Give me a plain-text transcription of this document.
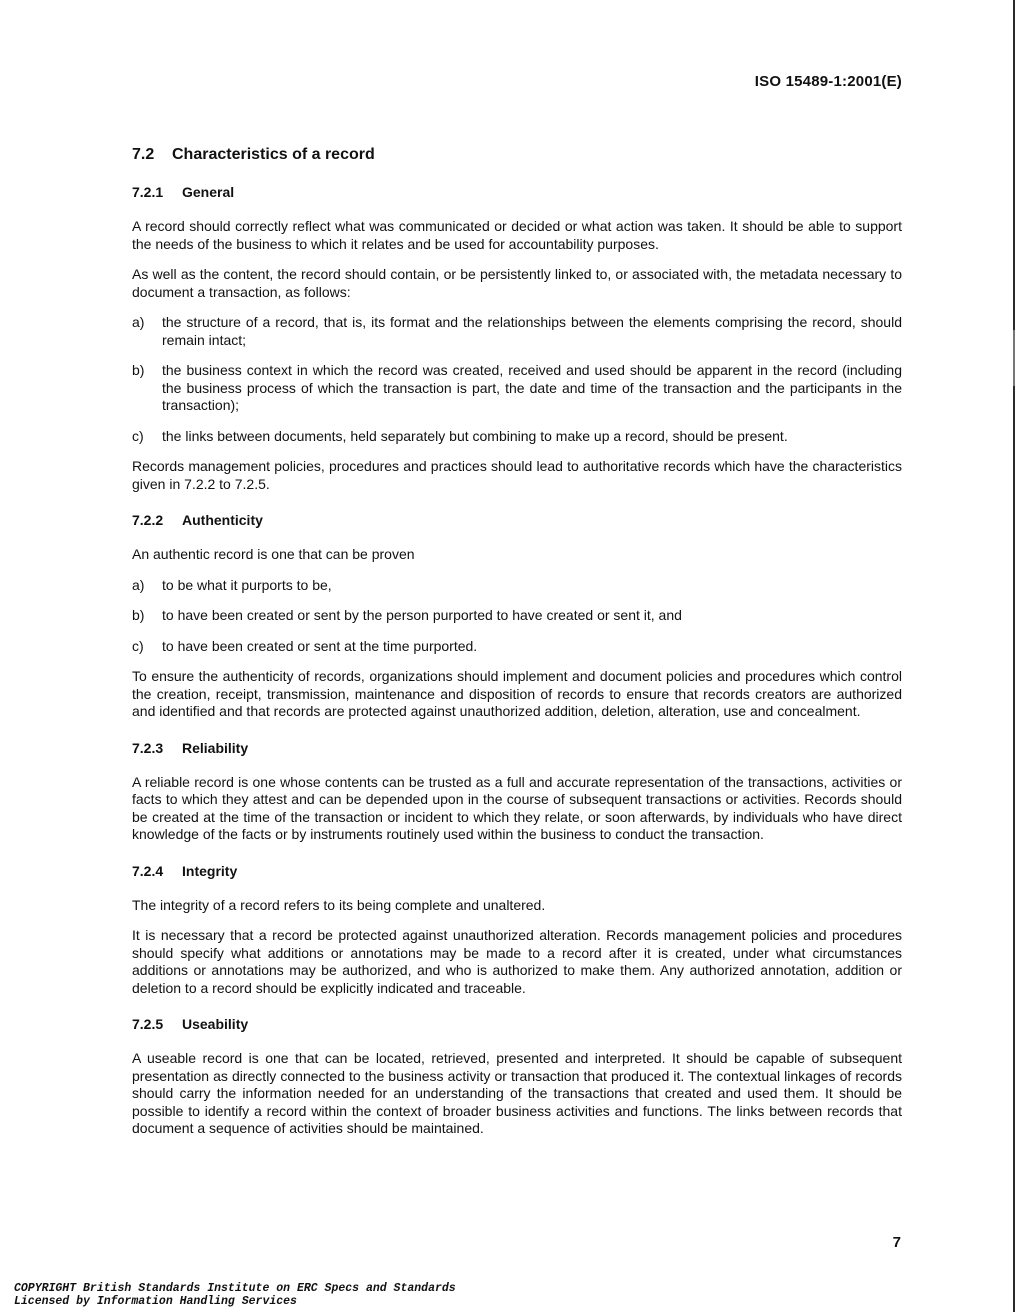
ISO 15489-1:2001(E)
7.2 Characteristics of a record
7.2.1 General

A record should correctly reflect what was communicated or decided or what action was taken. It should be able to support the needs of the business to which it relates and be used for accountability purposes.

As well as the content, the record should contain, or be persistently linked to, or associated with, the metadata necessary to document a transaction, as follows:

a)	the structure of a record, that is, its format and the relationships between the elements comprising the record, should remain intact;
b)	the business context in which the record was created, received and used should be apparent in the record (including the business process of which the transaction is part, the date and time of the transaction and the participants in the transaction);
c)	the links between documents, held separately but combining to make up a record, should be present.

Records management policies, procedures and practices should lead to authoritative records which have the characteristics given in 7.2.2 to 7.2.5.

7.2.2 Authenticity

An authentic record is one that can be proven

a)	to be what it purports to be,
b)	to have been created or sent by the person purported to have created or sent it, and
c)	to have been created or sent at the time purported.

To ensure the authenticity of records, organizations should implement and document policies and procedures which control the creation, receipt, transmission, maintenance and disposition of records to ensure that records creators are authorized and identified and that records are protected against unauthorized addition, deletion, alteration, use and concealment.

7.2.3 Reliability

A reliable record is one whose contents can be trusted as a full and accurate representation of the transactions, activities or facts to which they attest and can be depended upon in the course of subsequent transactions or activities. Records should be created at the time of the transaction or incident to which they relate, or soon afterwards, by individuals who have direct knowledge of the facts or by instruments routinely used within the business to conduct the transaction.

7.2.4 Integrity

The integrity of a record refers to its being complete and unaltered.

It is necessary that a record be protected against unauthorized alteration. Records management policies and procedures should specify what additions or annotations may be made to a record after it is created, under what circumstances additions or annotations may be authorized, and who is authorized to make them. Any authorized annotation, addition or deletion to a record should be explicitly indicated and traceable.

7.2.5 Useability

A useable record is one that can be located, retrieved, presented and interpreted. It should be capable of subsequent presentation as directly connected to the business activity or transaction that produced it. The contextual linkages of records should carry the information needed for an understanding of the transactions that created and used them. It should be possible to identify a record within the context of broader business activities and functions. The links between records that document a sequence of activities should be maintained.

7
COPYRIGHT British Standards Institute on ERC Specs and Standards
Licensed by Information Handling Services
